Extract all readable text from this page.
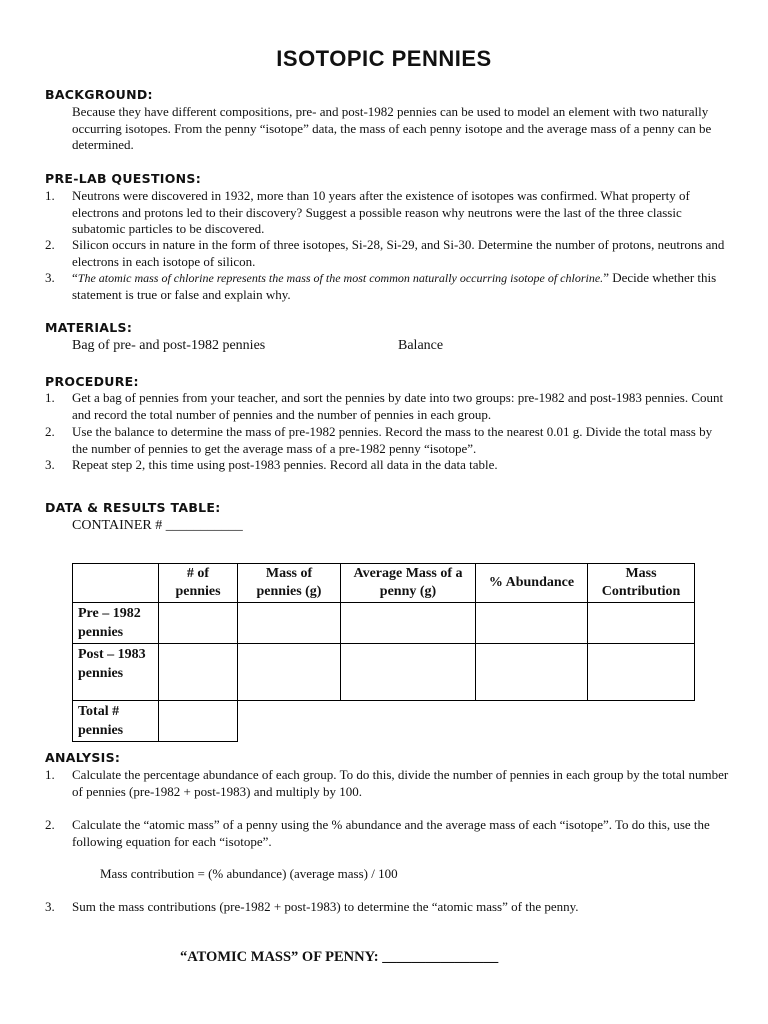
ISOTOPIC PENNIES
BACKGROUND:
Because they have different compositions, pre- and post-1982 pennies can be used to model an element with two naturally occurring isotopes. From the penny “isotope” data, the mass of each penny isotope and the average mass of a penny can be determined.
PRE-LAB QUESTIONS:
1. Neutrons were discovered in 1932, more than 10 years after the existence of isotopes was confirmed. What property of electrons and protons led to their discovery? Suggest a possible reason why neutrons were the last of the three classic subatomic particles to be discovered.
2. Silicon occurs in nature in the form of three isotopes, Si-28, Si-29, and Si-30. Determine the number of protons, neutrons and electrons in each isotope of silicon.
3. “The atomic mass of chlorine represents the mass of the most common naturally occurring isotope of chlorine.” Decide whether this statement is true or false and explain why.
MATERIALS:
Bag of pre- and post-1982 pennies	Balance
PROCEDURE:
1. Get a bag of pennies from your teacher, and sort the pennies by date into two groups: pre-1982 and post-1983 pennies. Count and record the total number of pennies and the number of pennies in each group.
2. Use the balance to determine the mass of pre-1982 pennies. Record the mass to the nearest 0.01 g. Divide the total mass by the number of pennies to get the average mass of a pre-1982 penny “isotope”.
3. Repeat step 2, this time using post-1983 pennies. Record all data in the data table.
DATA & RESULTS TABLE:
CONTAINER # ___________
	# of pennies	Mass of pennies (g)	Average Mass of a penny (g)	% Abundance	Mass Contribution
Pre – 1982 pennies					
Post – 1983 pennies					
Total # pennies					
ANALYSIS:
1. Calculate the percentage abundance of each group. To do this, divide the number of pennies in each group by the total number of pennies (pre-1982 + post-1983) and multiply by 100.
2. Calculate the “atomic mass” of a penny using the % abundance and the average mass of each “isotope”. To do this, use the following equation for each “isotope”.
Mass contribution = (% abundance) (average mass) / 100
3. Sum the mass contributions (pre-1982 + post-1983) to determine the “atomic mass” of the penny.
“ATOMIC MASS” OF PENNY: ________________
